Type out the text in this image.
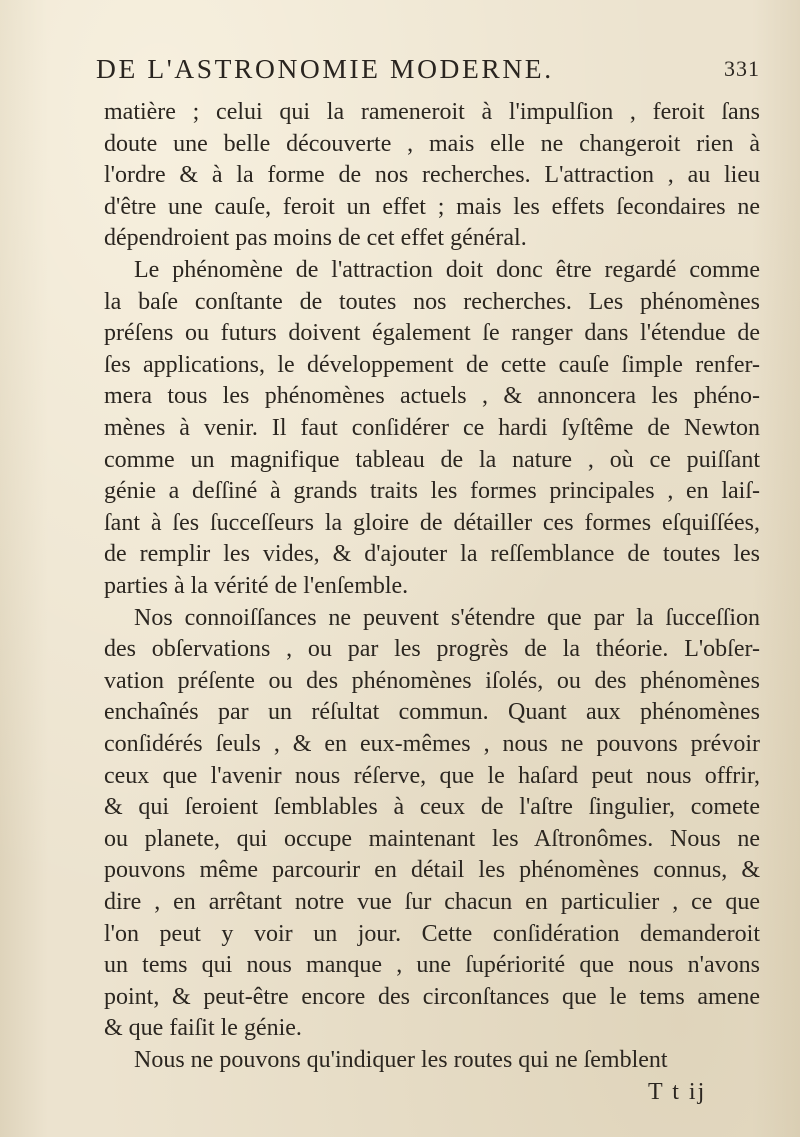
DE L'ASTRONOMIE MODERNE.	331
matière ; celui qui la rameneroit à l'impulſion , feroit ſans
doute une belle découverte , mais elle ne changeroit rien à
l'ordre & à la forme de nos recherches. L'attraction , au lieu
d'être une cauſe, feroit un effet ; mais les effets ſecondaires ne
dépendroient pas moins de cet effet général.
Le phénomène de l'attraction doit donc être regardé comme
la baſe conſtante de toutes nos recherches. Les phénomènes
préſens ou futurs doivent également ſe ranger dans l'étendue de
ſes applications, le développement de cette cauſe ſimple renfer-
mera tous les phénomènes actuels , & annoncera les phéno-
mènes à venir. Il faut conſidérer ce hardi ſyſtême de Newton
comme un magnifique tableau de la nature , où ce puiſſant
génie a deſſiné à grands traits les formes principales , en laiſ-
ſant à ſes ſucceſſeurs la gloire de détailler ces formes eſquiſſées,
de remplir les vides, & d'ajouter la reſſemblance de toutes les
parties à la vérité de l'enſemble.
Nos connoiſſances ne peuvent s'étendre que par la ſucceſſion
des obſervations , ou par les progrès de la théorie. L'obſer-
vation préſente ou des phénomènes iſolés, ou des phénomènes
enchaînés par un réſultat commun. Quant aux phénomènes
conſidérés ſeuls , & en eux-mêmes , nous ne pouvons prévoir
ceux que l'avenir nous réſerve, que le haſard peut nous offrir,
& qui ſeroient ſemblables à ceux de l'aſtre ſingulier, comete
ou planete, qui occupe maintenant les Aſtronômes. Nous ne
pouvons même parcourir en détail les phénomènes connus, &
dire , en arrêtant notre vue ſur chacun en particulier , ce que
l'on peut y voir un jour. Cette conſidération demanderoit
un tems qui nous manque , une ſupériorité que nous n'avons
point, & peut-être encore des circonſtances que le tems amene
& que faiſit le génie.
Nous ne pouvons qu'indiquer les routes qui ne ſemblent
T t ij
